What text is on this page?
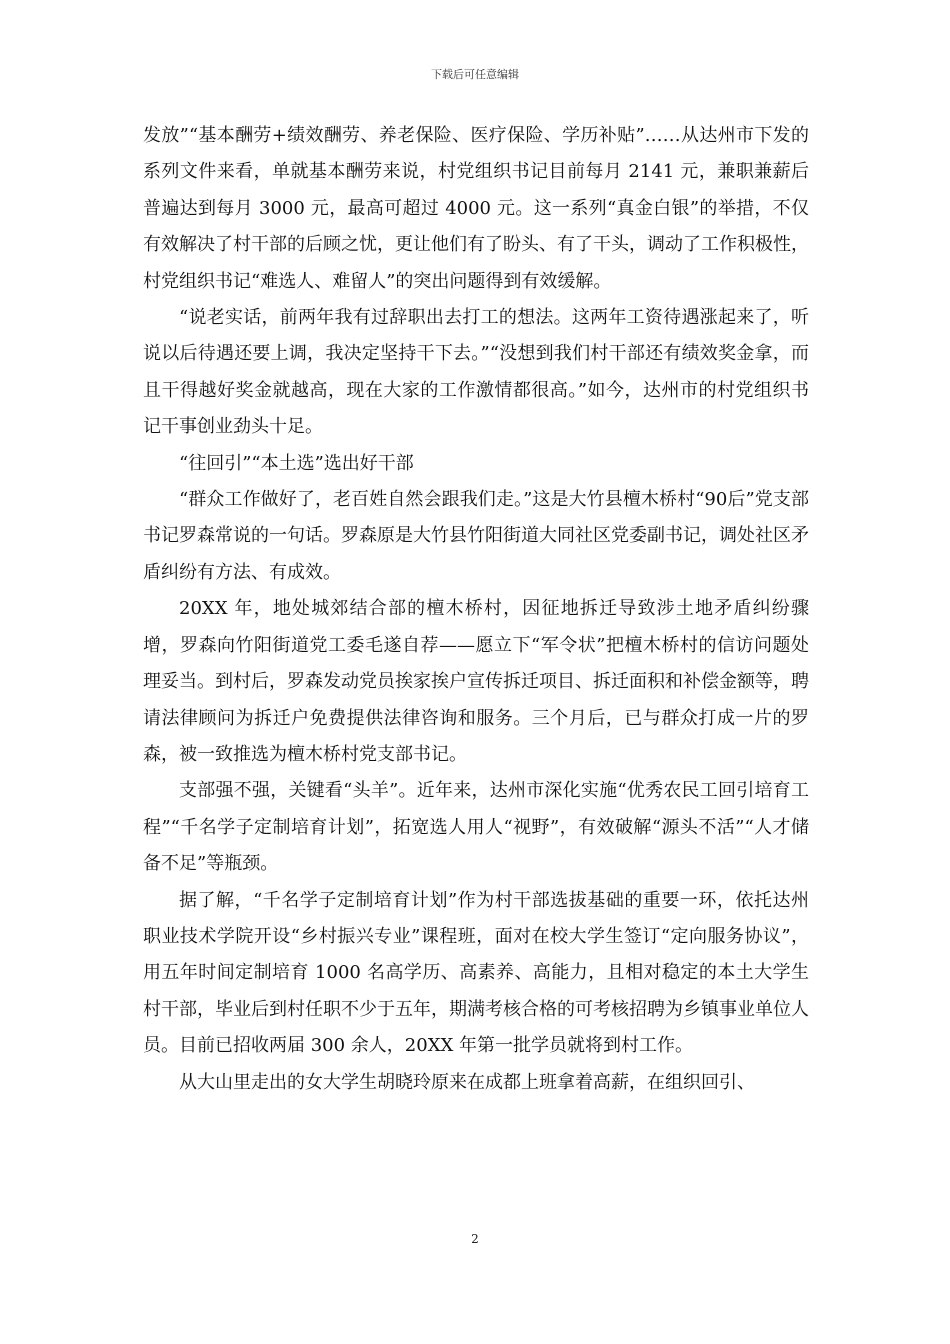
下载后可任意编辑

发放”“基本酬劳+绩效酬劳、养老保险、医疗保险、学历补贴”……从达州市下发的系列文件来看，单就基本酬劳来说，村党组织书记目前每月 2141 元，兼职兼薪后普遍达到每月 3000 元，最高可超过 4000 元。这一系列“真金白银”的举措，不仅有效解决了村干部的后顾之忧，更让他们有了盼头、有了干头，调动了工作积极性，村党组织书记“难选人、难留人”的突出问题得到有效缓解。

“说老实话，前两年我有过辞职出去打工的想法。这两年工资待遇涨起来了，听说以后待遇还要上调，我决定坚持干下去。”“没想到我们村干部还有绩效奖金拿，而且干得越好奖金就越高，现在大家的工作激情都很高。”如今，达州市的村党组织书记干事创业劲头十足。

“往回引”“本土选”选出好干部

“群众工作做好了，老百姓自然会跟我们走。”这是大竹县檀木桥村“90后”党支部书记罗森常说的一句话。罗森原是大竹县竹阳街道大同社区党委副书记，调处社区矛盾纠纷有方法、有成效。

20XX 年，地处城郊结合部的檀木桥村，因征地拆迁导致涉土地矛盾纠纷骤增，罗森向竹阳街道党工委毛遂自荐——愿立下“军令状”把檀木桥村的信访问题处理妥当。到村后，罗森发动党员挨家挨户宣传拆迁项目、拆迁面积和补偿金额等，聘请法律顾问为拆迁户免费提供法律咨询和服务。三个月后，已与群众打成一片的罗森，被一致推选为檀木桥村党支部书记。

支部强不强，关键看“头羊”。近年来，达州市深化实施“优秀农民工回引培育工程”“千名学子定制培育计划”，拓宽选人用人“视野”，有效破解“源头不活”“人才储备不足”等瓶颈。

据了解，“千名学子定制培育计划”作为村干部选拔基础的重要一环，依托达州职业技术学院开设“乡村振兴专业”课程班，面对在校大学生签订“定向服务协议”，用五年时间定制培育 1000 名高学历、高素养、高能力，且相对稳定的本土大学生村干部，毕业后到村任职不少于五年，期满考核合格的可考核招聘为乡镇事业单位人员。目前已招收两届 300 余人，20XX 年第一批学员就将到村工作。

从大山里走出的女大学生胡晓玲原来在成都上班拿着高薪，在组织回引、

2
